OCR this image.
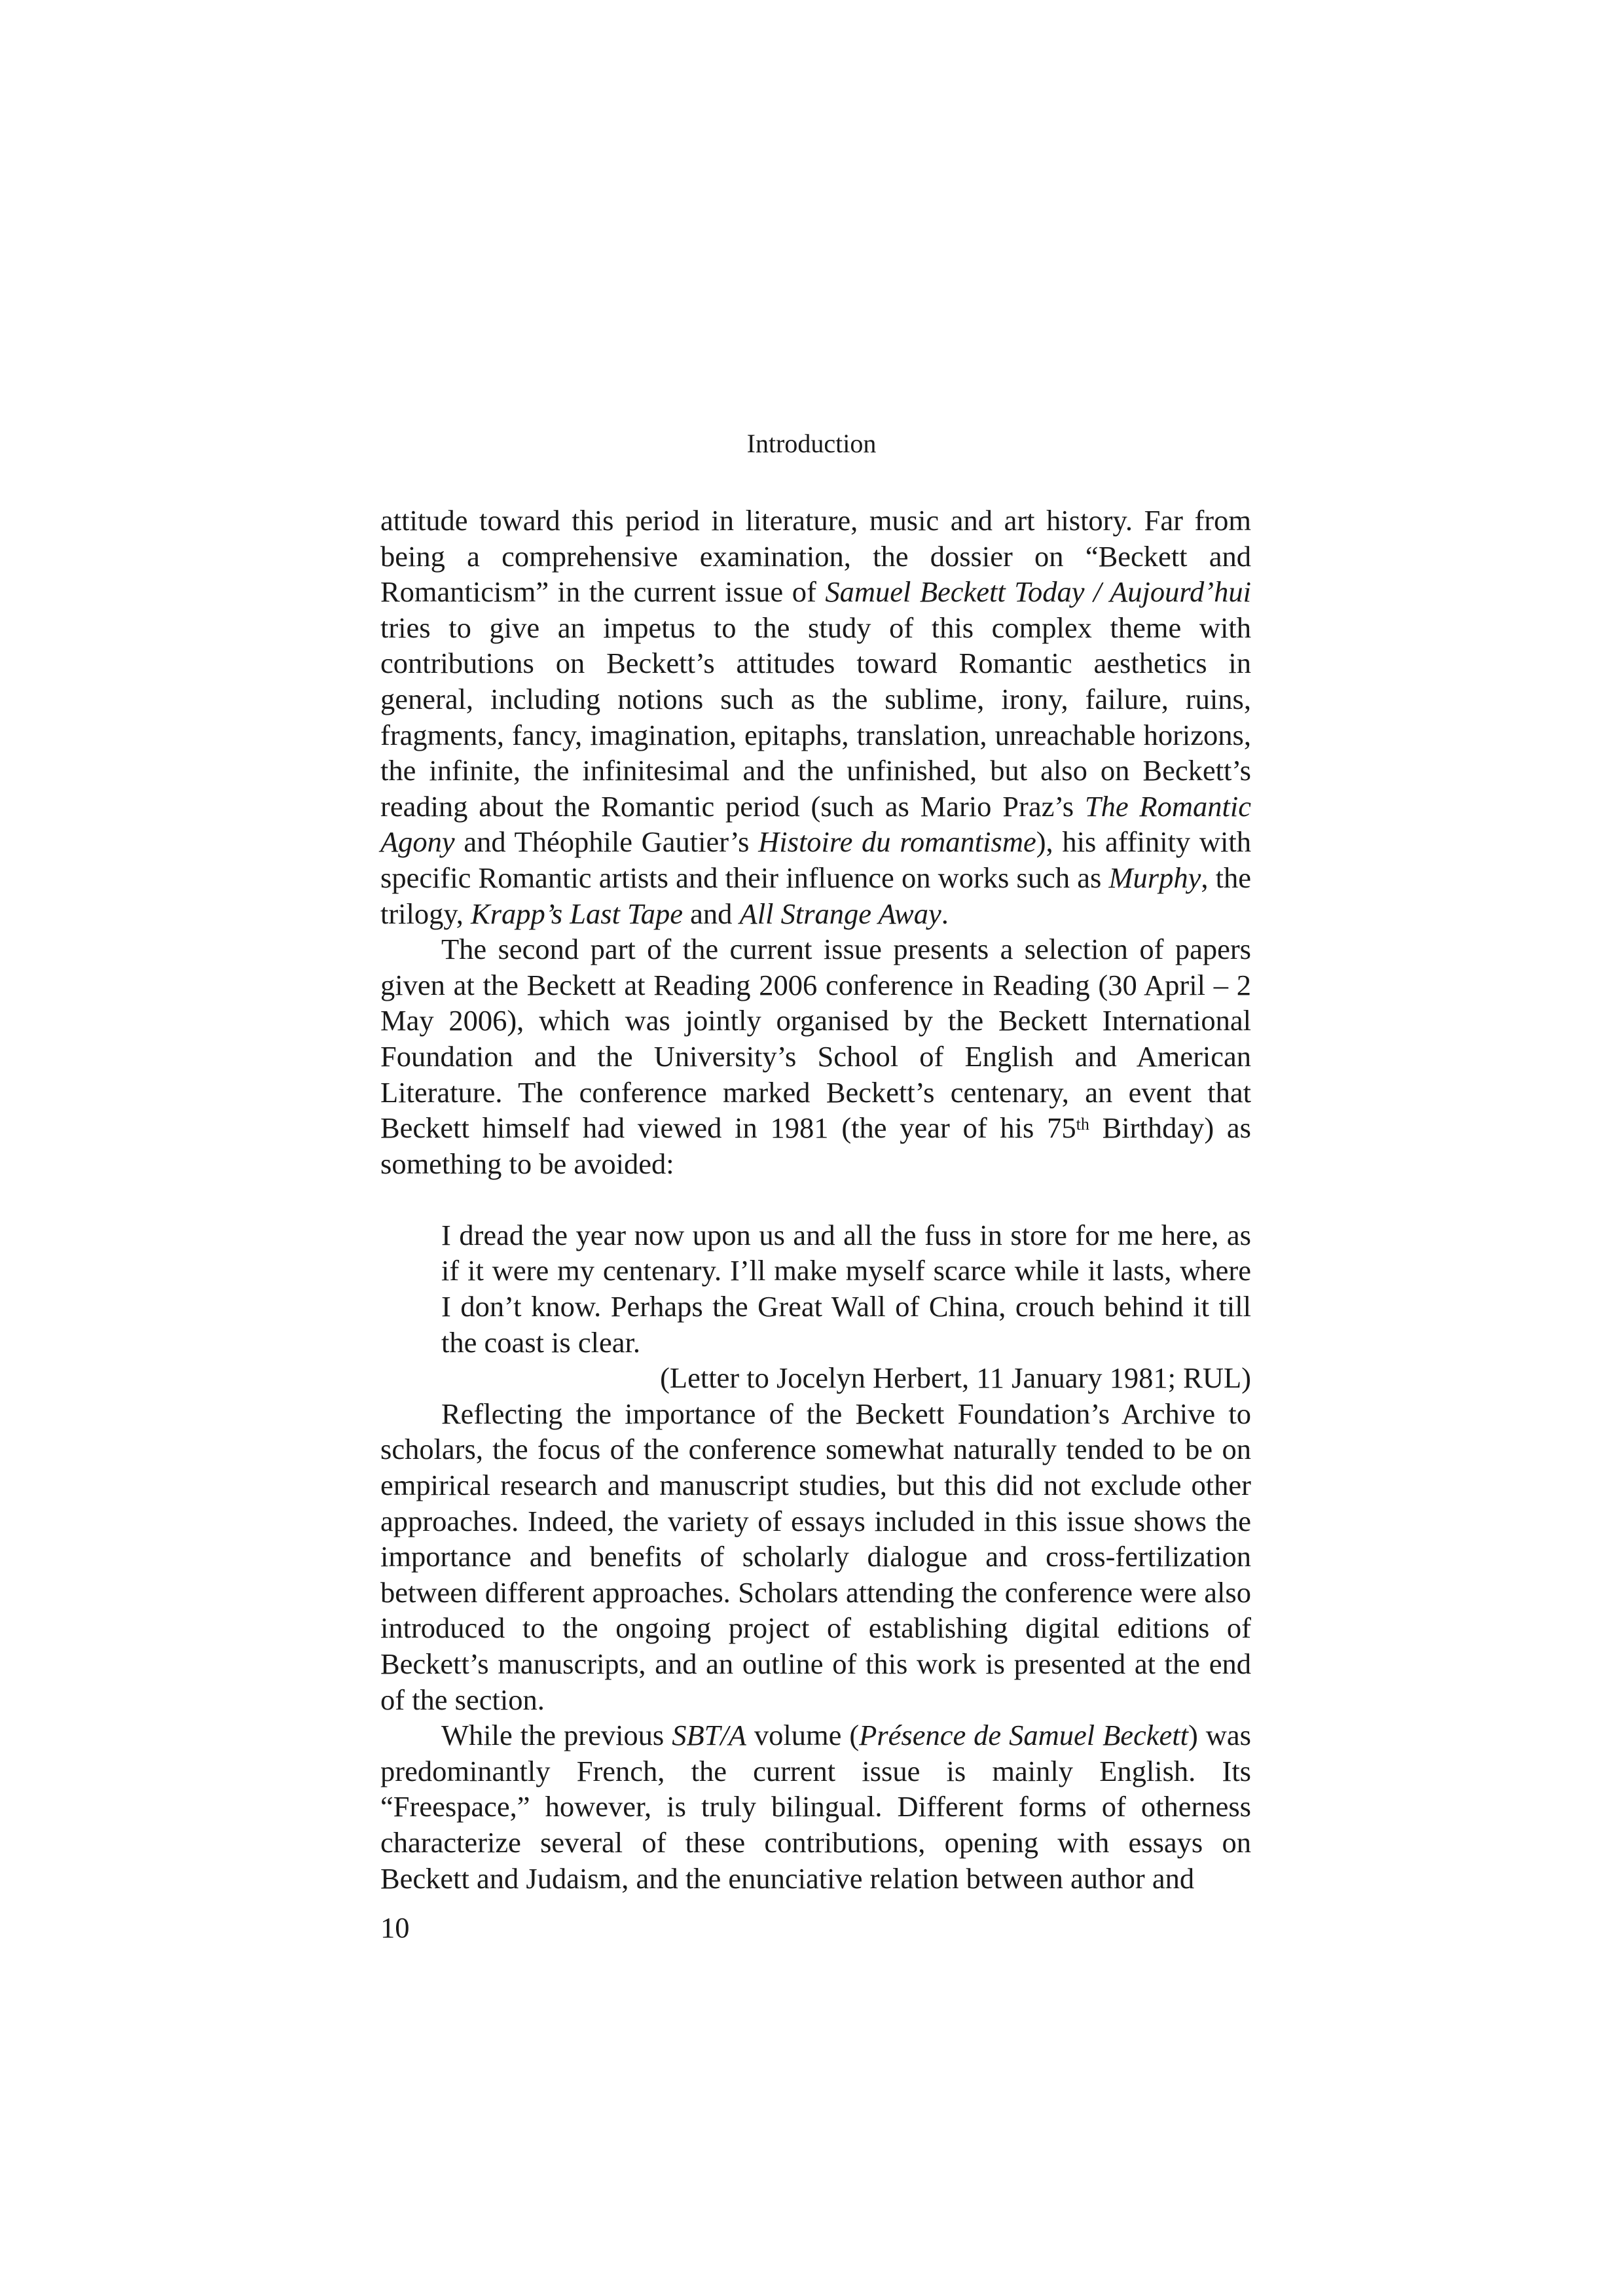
Introduction

attitude toward this period in literature, music and art history. Far from being a comprehensive examination, the dossier on “Beckett and Romanticism” in the current issue of Samuel Beckett Today / Aujourd’hui tries to give an impetus to the study of this complex theme with contributions on Beckett’s attitudes toward Romantic aesthetics in general, including notions such as the sublime, irony, failure, ruins, fragments, fancy, imagination, epitaphs, translation, unreachable horizons, the infinite, the infinitesimal and the unfinished, but also on Beckett’s reading about the Romantic period (such as Mario Praz’s The Romantic Agony and Théophile Gautier’s Histoire du romantisme), his affinity with specific Romantic artists and their influence on works such as Murphy, the trilogy, Krapp’s Last Tape and All Strange Away.

The second part of the current issue presents a selection of papers given at the Beckett at Reading 2006 conference in Reading (30 April – 2 May 2006), which was jointly organised by the Beckett International Foundation and the University’s School of English and American Literature. The conference marked Beckett’s centenary, an event that Beckett himself had viewed in 1981 (the year of his 75th Birthday) as something to be avoided:

I dread the year now upon us and all the fuss in store for me here, as if it were my centenary. I’ll make myself scarce while it lasts, where I don’t know. Perhaps the Great Wall of China, crouch behind it till the coast is clear.

(Letter to Jocelyn Herbert, 11 January 1981; RUL)

Reflecting the importance of the Beckett Foundation’s Archive to scholars, the focus of the conference somewhat naturally tended to be on empirical research and manuscript studies, but this did not exclude other approaches. Indeed, the variety of essays included in this issue shows the importance and benefits of scholarly dialogue and cross-fertilization between different approaches. Scholars attending the conference were also introduced to the ongoing project of establishing digital editions of Beckett’s manuscripts, and an outline of this work is presented at the end of the section.

While the previous SBT/A volume (Présence de Samuel Beckett) was predominantly French, the current issue is mainly English. Its “Freespace,” however, is truly bilingual. Different forms of otherness characterize several of these contributions, opening with essays on Beckett and Judaism, and the enunciative relation between author and

10
